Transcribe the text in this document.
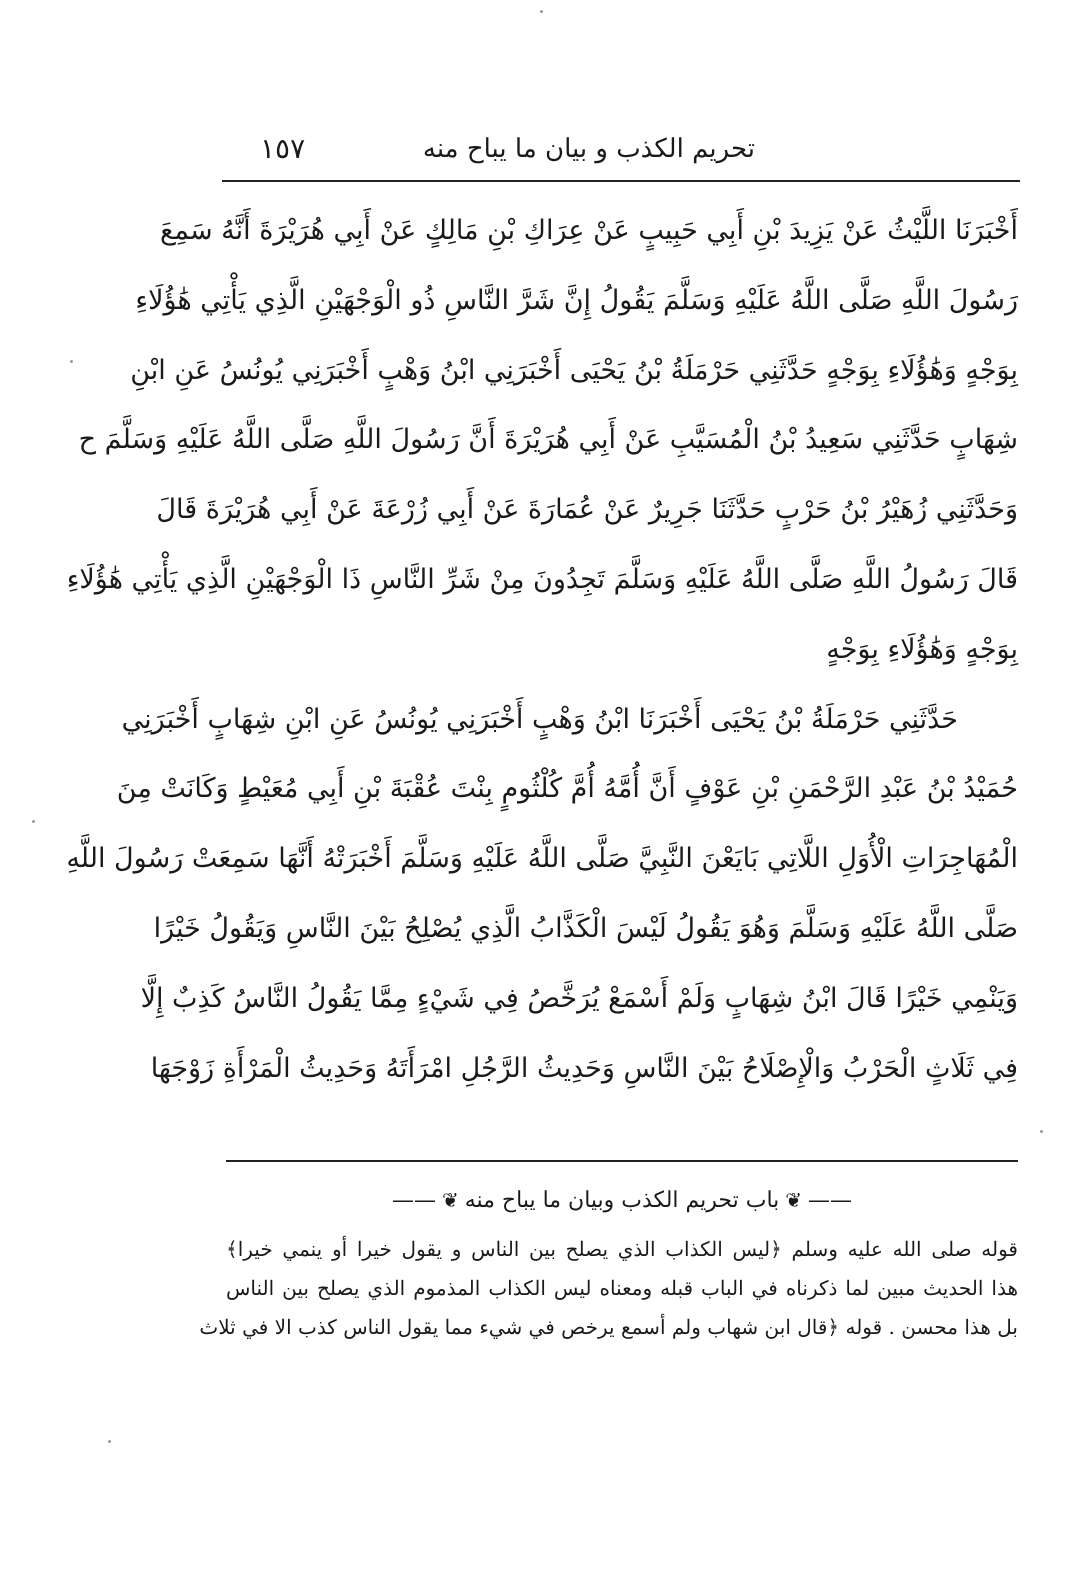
تحريم الكذب و بيان ما يباح منه
١٥٧
أَخْبَرَنَا اللَّيْثُ عَنْ يَزِيدَ بْنِ أَبِي حَبِيبٍ عَنْ عِرَاكِ بْنِ مَالِكٍ عَنْ أَبِي هُرَيْرَةَ أَنَّهُ سَمِعَ
رَسُولَ اللَّهِ صَلَّى اللَّهُ عَلَيْهِ وَسَلَّمَ يَقُولُ إِنَّ شَرَّ النَّاسِ ذُو الْوَجْهَيْنِ الَّذِي يَأْتِي هَٰؤُلَاءِ
بِوَجْهٍ وَهَٰؤُلَاءِ بِوَجْهٍ حَدَّثَنِي حَرْمَلَةُ بْنُ يَحْيَى أَخْبَرَنِي ابْنُ وَهْبٍ أَخْبَرَنِي يُونُسُ عَنِ ابْنِ
شِهَابٍ حَدَّثَنِي سَعِيدُ بْنُ الْمُسَيَّبِ عَنْ أَبِي هُرَيْرَةَ أَنَّ رَسُولَ اللَّهِ صَلَّى اللَّهُ عَلَيْهِ وَسَلَّمَ ح
وَحَدَّثَنِي زُهَيْرُ بْنُ حَرْبٍ حَدَّثَنَا جَرِيرٌ عَنْ عُمَارَةَ عَنْ أَبِي زُرْعَةَ عَنْ أَبِي هُرَيْرَةَ قَالَ
قَالَ رَسُولُ اللَّهِ صَلَّى اللَّهُ عَلَيْهِ وَسَلَّمَ تَجِدُونَ مِنْ شَرِّ النَّاسِ ذَا الْوَجْهَيْنِ الَّذِي يَأْتِي هَٰؤُلَاءِ
بِوَجْهٍ وَهَٰؤُلَاءِ بِوَجْهٍ
حَدَّثَنِي حَرْمَلَةُ بْنُ يَحْيَى أَخْبَرَنَا ابْنُ وَهْبٍ أَخْبَرَنِي يُونُسُ عَنِ ابْنِ شِهَابٍ أَخْبَرَنِي
حُمَيْدُ بْنُ عَبْدِ الرَّحْمَنِ بْنِ عَوْفٍ أَنَّ أُمَّهُ أُمَّ كُلْثُومٍ بِنْتَ عُقْبَةَ بْنِ أَبِي مُعَيْطٍ وَكَانَتْ مِنَ
الْمُهَاجِرَاتِ الْأُوَلِ اللَّاتِي بَايَعْنَ النَّبِيَّ صَلَّى اللَّهُ عَلَيْهِ وَسَلَّمَ أَخْبَرَتْهُ أَنَّهَا سَمِعَتْ رَسُولَ اللَّهِ
صَلَّى اللَّهُ عَلَيْهِ وَسَلَّمَ وَهُوَ يَقُولُ لَيْسَ الْكَذَّابُ الَّذِي يُصْلِحُ بَيْنَ النَّاسِ وَيَقُولُ خَيْرًا
وَيَنْمِي خَيْرًا قَالَ ابْنُ شِهَابٍ وَلَمْ أَسْمَعْ يُرَخَّصُ فِي شَيْءٍ مِمَّا يَقُولُ النَّاسُ كَذِبٌ إِلَّا
فِي ثَلَاثٍ الْحَرْبُ وَالْإِصْلَاحُ بَيْنَ النَّاسِ وَحَدِيثُ الرَّجُلِ امْرَأَتَهُ وَحَدِيثُ الْمَرْأَةِ زَوْجَهَا
——❦باب تحريم الكذب وبيان ما يباح منه❦——
قوله صلى الله عليه وسلم ﴿ليس الكذاب الذي يصلح بين الناس و يقول خيرا أو ينمي خيرا﴾
هذا الحديث مبين لما ذكرناه في الباب قبله ومعناه ليس الكذاب المذموم الذي يصلح بين الناس
بل هذا محسن . قوله ﴿قال ابن شهاب ولم أسمع يرخص في شيء مما يقول الناس كذب الا في ثلاث
